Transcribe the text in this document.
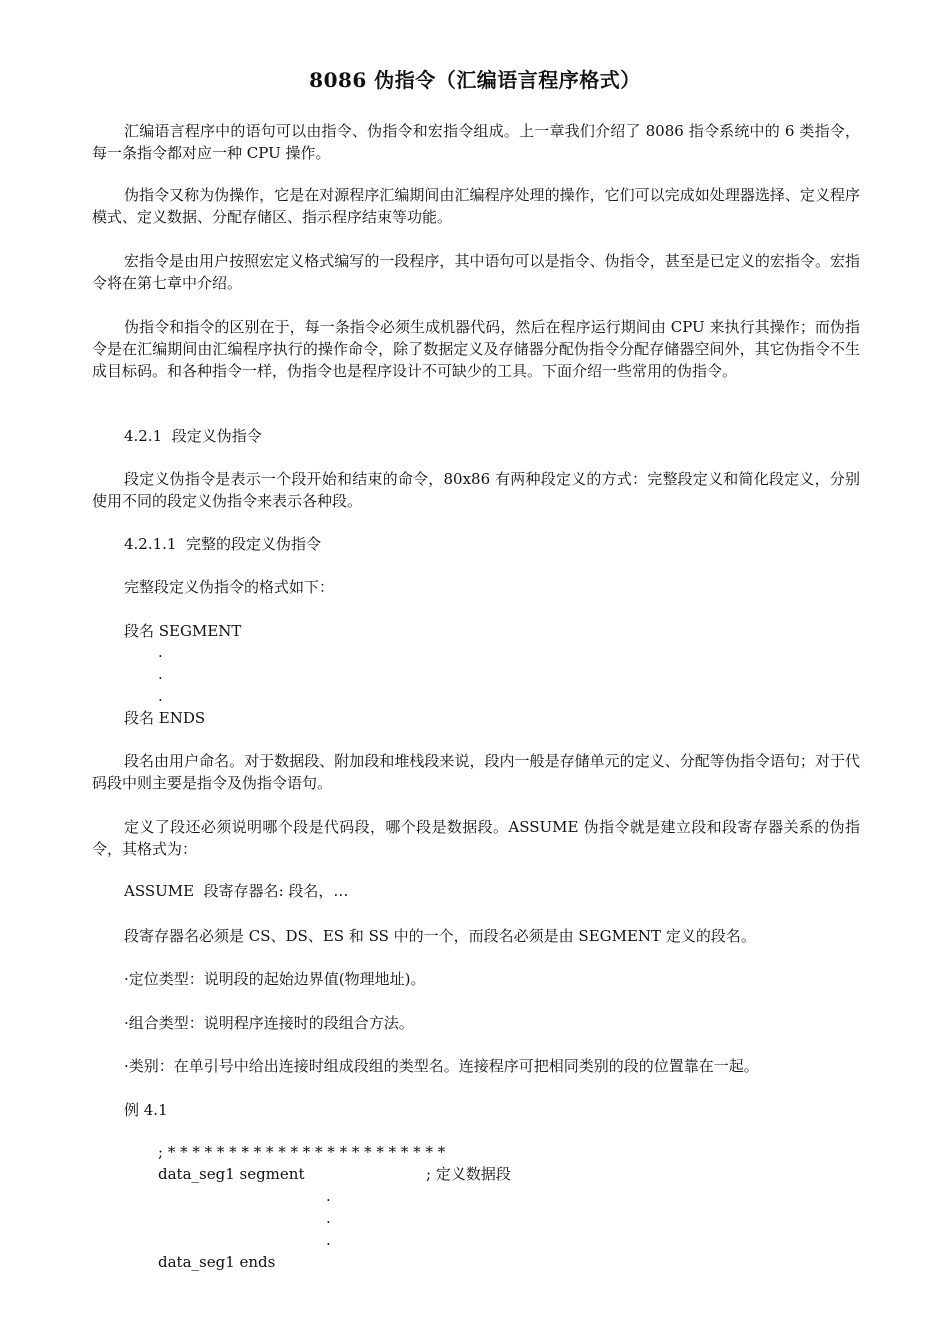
8086 伪指令（汇编语言程序格式）
汇编语言程序中的语句可以由指令、伪指令和宏指令组成。上一章我们介绍了 8086 指令系统中的 6 类指令，每一条指令都对应一种 CPU 操作。
伪指令又称为伪操作，它是在对源程序汇编期间由汇编程序处理的操作，它们可以完成如处理器选择、定义程序模式、定义数据、分配存储区、指示程序结束等功能。
宏指令是由用户按照宏定义格式编写的一段程序，其中语句可以是指令、伪指令，甚至是已定义的宏指令。宏指令将在第七章中介绍。
伪指令和指令的区别在于，每一条指令必须生成机器代码，然后在程序运行期间由 CPU 来执行其操作；而伪指令是在汇编期间由汇编程序执行的操作命令，除了数据定义及存储器分配伪指令分配存储器空间外，其它伪指令不生成目标码。和各种指令一样，伪指令也是程序设计不可缺少的工具。下面介绍一些常用的伪指令。
4.2.1  段定义伪指令
段定义伪指令是表示一个段开始和结束的命令，80x86 有两种段定义的方式：完整段定义和简化段定义，分别使用不同的段定义伪指令来表示各种段。
4.2.1.1  完整的段定义伪指令
完整段定义伪指令的格式如下：
段名 SEGMENT
.
.
.
段名 ENDS
段名由用户命名。对于数据段、附加段和堆栈段来说，段内一般是存储单元的定义、分配等伪指令语句；对于代码段中则主要是指令及伪指令语句。
定义了段还必须说明哪个段是代码段，哪个段是数据段。ASSUME 伪指令就是建立段和段寄存器关系的伪指令，其格式为：
ASSUME  段寄存器名: 段名，…
段寄存器名必须是 CS、DS、ES 和 SS 中的一个，而段名必须是由 SEGMENT 定义的段名。
·定位类型：说明段的起始边界值(物理地址)。
·组合类型：说明程序连接时的段组合方法。
·类别：在单引号中给出连接时组成段组的类型名。连接程序可把相同类别的段的位置靠在一起。
例 4.1
; * * * * * * * * * * * * * * * * * * * * * * *
data_seg1 segment	; 定义数据段
.
.
.
data_seg1 ends
